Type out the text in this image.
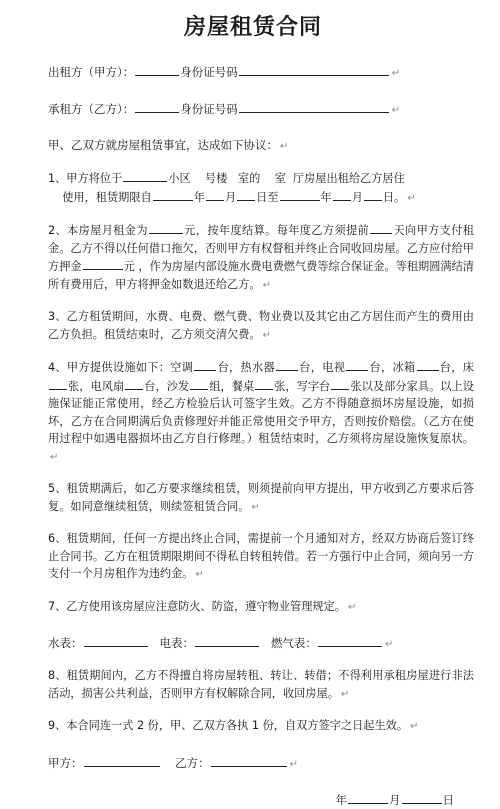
房屋租赁合同

出租方（甲方）：	身份证号码	↵

承租方（乙方）：	身份证号码	↵

甲、乙双方就房屋租赁事宜，达成如下协议： ↵

1、甲方将位于	小区 号楼 室的 室 厅房屋出租给乙方居住
使用，租赁期限自	年 月 日至	年 月 日。 ↵
2、本房屋月租金为	元，按年度结算。每年度乙方须提前 天向甲方支付租金。乙方不得以任何借口拖欠，否则甲方有权督租并终止合同收回房屋。乙方应付给甲方押金	元 ，作为房屋内部设施水费电费燃气费等综合保证金。等租期圆满结清所有费用后，甲方将押金如数退还给乙方。 ↵
3、乙方租赁期间，水费、电费、燃气费、物业费以及其它由乙方居住而产生的费用由乙方负担。租赁结束时，乙方须交清欠费。 ↵
4、甲方提供设施如下：空调 台，热水器 台，电视 台，冰箱 台，床张，电风扇 台，沙发 组，餐桌 张，写字台 张以及部分家具。以上设施保证能正常使用，经乙方检验后认可签字生效。乙方不得随意损坏房屋设施，如损坏，乙方在合同期满后负责修理好并能正常使用交予甲方，否则按价赔偿。（乙方在使用过程中如遇电器损坏由乙方自行修理。）租赁结束时，乙方须将房屋设施恢复原状。↵
5、租赁期满后，如乙方要求继续租赁，则须提前向甲方提出，甲方收到乙方要求后答复。如同意继续租赁，则续签租赁合同。 ↵
6、租赁期间，任何一方提出终止合同，需提前一个月通知对方，经双方协商后签订终止合同书。乙方在租赁期限期间不得私自转租转借。若一方强行中止合同，须向另一方支付一个月房租作为违约金。 ↵
7、乙方使用该房屋应注意防火、防盗，遵守物业管理规定。 ↵

水表：	电表：	燃气表：	↵

8、租赁期间内，乙方不得擅自将房屋转租、转让、转借；不得利用承租房屋进行非法活动，损害公共利益，否则甲方有权解除合同，收回房屋。 ↵
9、本合同连一式 2 份，甲、乙双方各执 1 份，自双方签字之日起生效。 ↵

甲方：	乙方：	↵

年	月	日
